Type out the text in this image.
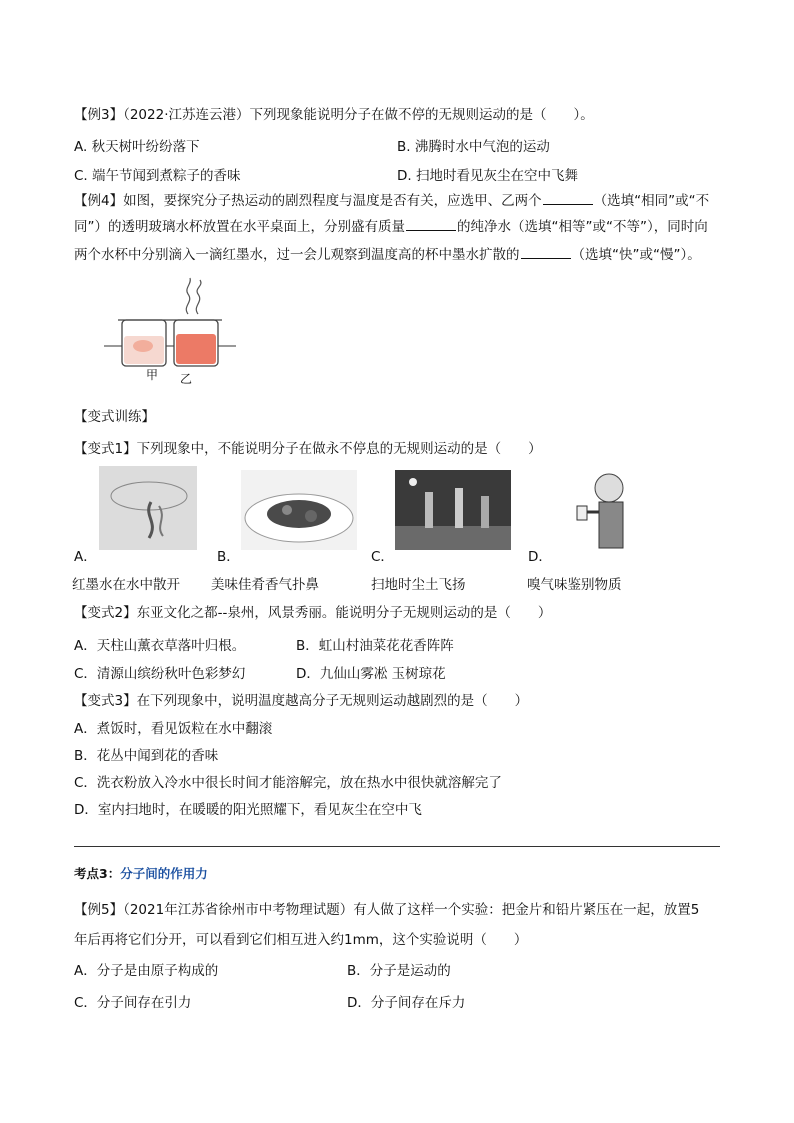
【例3】（2022·江苏连云港）下列现象能说明分子在做不停的无规则运动的是（　　）。
A. 秋天树叶纷纷落下	B. 沸腾时水中气泡的运动
C. 端午节闻到煮粽子的香味	D. 扫地时看见灰尘在空中飞舞
【例4】如图，要探究分子热运动的剧烈程度与温度是否有关，应选甲、乙两个	（选填“相同”或“不
同”）的透明玻璃水杯放置在水平桌面上，分别盛有质量	的纯净水（选填“相等”或“不等”），同时向
两个水杯中分别滴入一滴红墨水，过一会儿观察到温度高的杯中墨水扩散的	（选填“快”或“慢”）。
甲 乙
【变式训练】
【变式1】下列现象中，不能说明分子在做永不停息的无规则运动的是（　　）
A．	B．	C．	D．
红墨水在水中散开 美味佳肴香气扑鼻	扫地时尘土飞扬	嗅气味鉴别物质
【变式2】东亚文化之都--泉州，风景秀丽。能说明分子无规则运动的是（　　）
A．天柱山薰衣草落叶归根。	B．虹山村油菜花花香阵阵
C．清源山缤纷秋叶色彩梦幻	D．九仙山雾凇 玉树琼花
【变式3】在下列现象中，说明温度越高分子无规则运动越剧烈的是（　　）
A．煮饭时，看见饭粒在水中翻滚
B．花丛中闻到花的香味
C．洗衣粉放入冷水中很长时间才能溶解完，放在热水中很快就溶解完了
D．室内扫地时，在暖暖的阳光照耀下，看见灰尘在空中飞
考点3：分子间的作用力
【例5】（2021年江苏省徐州市中考物理试题）有人做了这样一个实验：把金片和铅片紧压在一起，放置5
年后再将它们分开，可以看到它们相互进入约1mm，这个实验说明（　　）
A．分子是由原子构成的	B．分子是运动的
C．分子间存在引力	D．分子间存在斥力
